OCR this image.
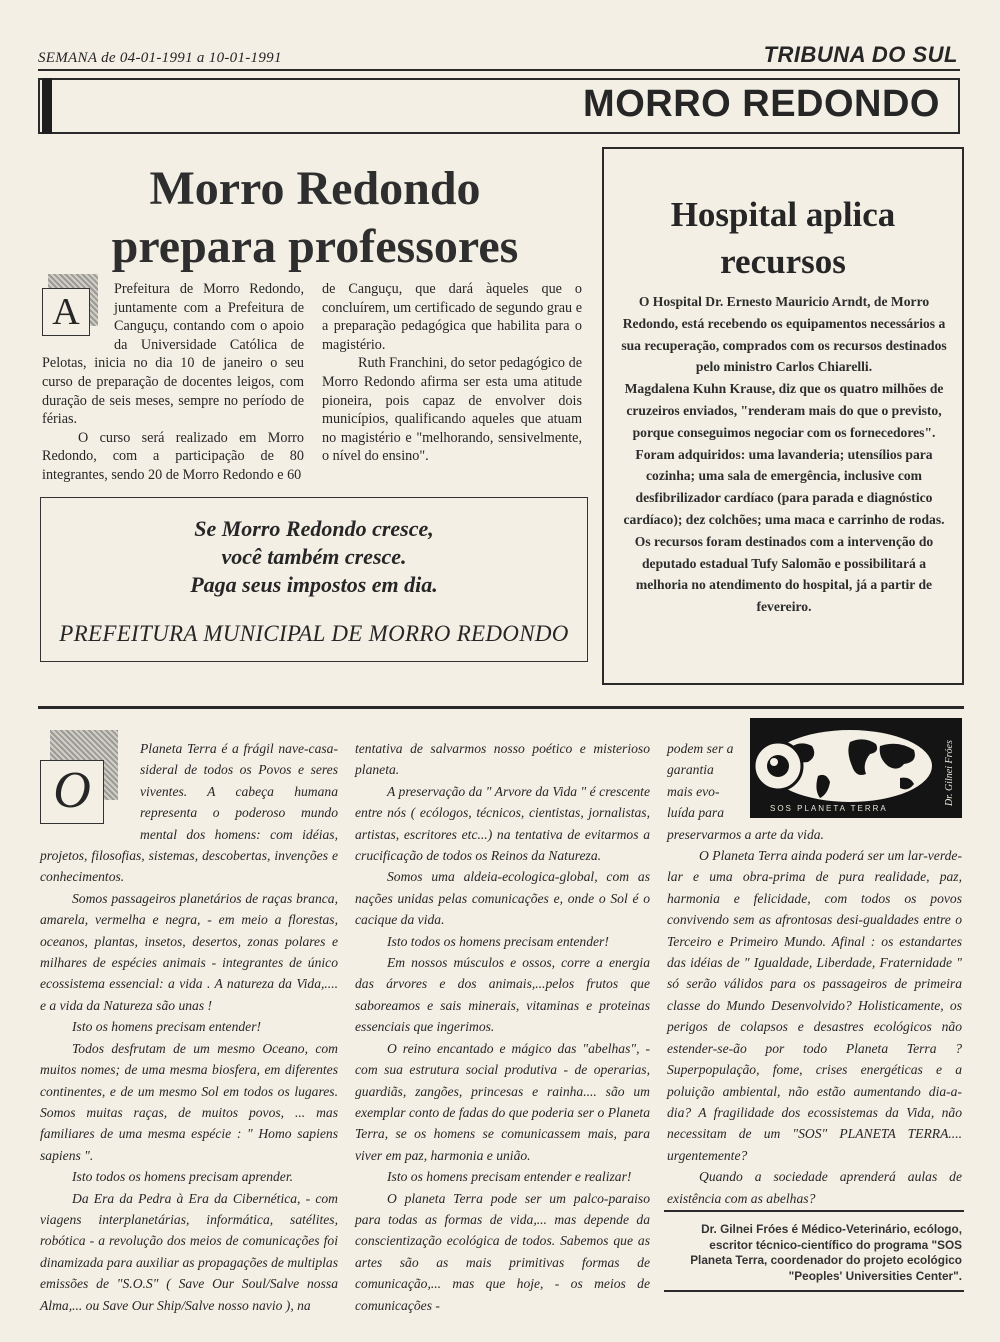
SEMANA de 04-01-1991 a 10-01-1991	TRIBUNA DO SUL
MORRO REDONDO
Morro Redondo
prepara professores
A

Prefeitura de Morro Redondo, juntamente com a Prefeitura de Canguçu, contando com o apoio da Universidade Católica de Pelotas, inicia no dia 10 de janeiro o seu curso de preparação de docentes leigos, com duração de seis meses, sempre no período de férias.

O curso será realizado em Morro Redondo, com a participação de 80 integrantes, sendo 20 de Morro Redondo e 60

de Canguçu, que dará àqueles que o concluírem, um certificado de segundo grau e a preparação pedagógica que habilita para o magistério.

Ruth Franchini, do setor pedagógico de Morro Redondo afirma ser esta uma atitude pioneira, pois capaz de envolver dois municípios, qualificando aqueles que atuam no magistério e "melhorando, sensivelmente, o nível do ensino".

Se Morro Redondo cresce,
você também cresce.
Paga seus impostos em dia.
PREFEITURA MUNICIPAL DE MORRO REDONDO
Hospital aplica
recursos

O Hospital Dr. Ernesto Mauricio Arndt, de Morro Redondo, está recebendo os equipamentos necessários a sua recuperação, comprados com os recursos destinados pelo ministro Carlos Chiarelli.

Magdalena Kuhn Krause, diz que os quatro milhões de cruzeiros enviados, "renderam mais do que o previsto, porque conseguimos negociar com os fornecedores".

Foram adquiridos: uma lavanderia; utensílios para cozinha; uma sala de emergência, inclusive com desfibrilizador cardíaco (para parada e diagnóstico cardíaco); dez colchões; uma maca e carrinho de rodas.

Os recursos foram destinados com a intervenção do deputado estadual Tufy Salomão e possibilitará a melhoria no atendimento do hospital, já a partir de fevereiro.

O

Planeta Terra é a frágil nave-casa-sideral de todos os Povos e seres viventes. A cabeça humana representa o poderoso mundo mental dos homens: com idéias, projetos, filosofias, sistemas, descobertas, invenções e conhecimentos.

Somos passageiros planetários de raças branca, amarela, vermelha e negra, - em meio a florestas, oceanos, plantas, insetos, desertos, zonas polares e milhares de espécies animais - integrantes de único ecossistema essencial: a vida . A natureza da Vida,.... e a vida da Natureza são unas !

Isto os homens precisam entender!

Todos desfrutam de um mesmo Oceano, com muitos nomes; de uma mesma biosfera, em diferentes continentes, e de um mesmo Sol em todos os lugares. Somos muitas raças, de muitos povos, ... mas familiares de uma mesma espécie : " Homo sapiens sapiens ".

Isto todos os homens precisam aprender.

Da Era da Pedra à Era da Cibernética, - com viagens interplanetárias, informática, satélites, robótica - a revolução dos meios de comunicações foi dinamizada para auxiliar as propagações de multiplas emissões de "S.O.S" ( Save Our Soul/Salve nossa Alma,... ou Save Our Ship/Salve nosso navio ), na

tentativa de salvarmos nosso poético e misterioso planeta.

A preservação da " Arvore da Vida " é crescente entre nós ( ecólogos, técnicos, cientistas, jornalistas, artistas, escritores etc...) na tentativa de evitarmos a crucificação de todos os Reinos da Natureza.

Somos uma aldeia-ecologica-global, com as nações unidas pelas comunicações e, onde o Sol é o cacique da vida.

Isto todos os homens precisam entender!

Em nossos músculos e ossos, corre a energia das árvores e dos animais,...pelos frutos que saboreamos e sais minerais, vitaminas e proteinas essenciais que ingerimos.

O reino encantado e mágico das "abelhas", - com sua estrutura social produtiva - de operarias, guardiãs, zangões, princesas e rainha.... são um exemplar conto de fadas do que poderia ser o Planeta Terra, se os homens se comunicassem mais, para viver em paz, harmonia e união.

Isto os homens precisam entender e realizar!

O planeta Terra pode ser um palco-paraiso para todas as formas de vida,... mas depende da conscientização ecológica de todos. Sabemos que as artes são as mais primitivas formas de comunicação,... mas que hoje, - os meios de comunicações -

podem ser a
garantia
mais evo-
luída para

preservarmos a arte da vida.

O Planeta Terra ainda poderá ser um lar-verde-lar e uma obra-prima de pura realidade, paz, harmonia e felicidade, com todos os povos convivendo sem as afrontosas desi-gualdades entre o Terceiro e Primeiro Mundo. Afinal : os estandartes das idéias de " Igualdade, Liberdade, Fraternidade " só serão válidos para os passageiros de primeira classe do Mundo Desenvolvido? Holisticamente, os perigos de colapsos e desastres ecológicos não estender-se-ão por todo Planeta Terra ? Superpopulação, fome, crises energéticas e a poluição ambiental, não estão aumentando dia-a-dia? A fragilidade dos ecossistemas da Vida, não necessitam de um "SOS" PLANETA TERRA.... urgentemente?

Quando a sociedade aprenderá aulas de existência com as abelhas?

SOS PLANETA TERRA
Dr. Gilnei Fróes
Dr. Gilnei Fróes é Médico-Veterinário, ecólogo, escritor técnico-científico do programa "SOS Planeta Terra, coordenador do projeto ecológico "Peoples' Universities Center".
